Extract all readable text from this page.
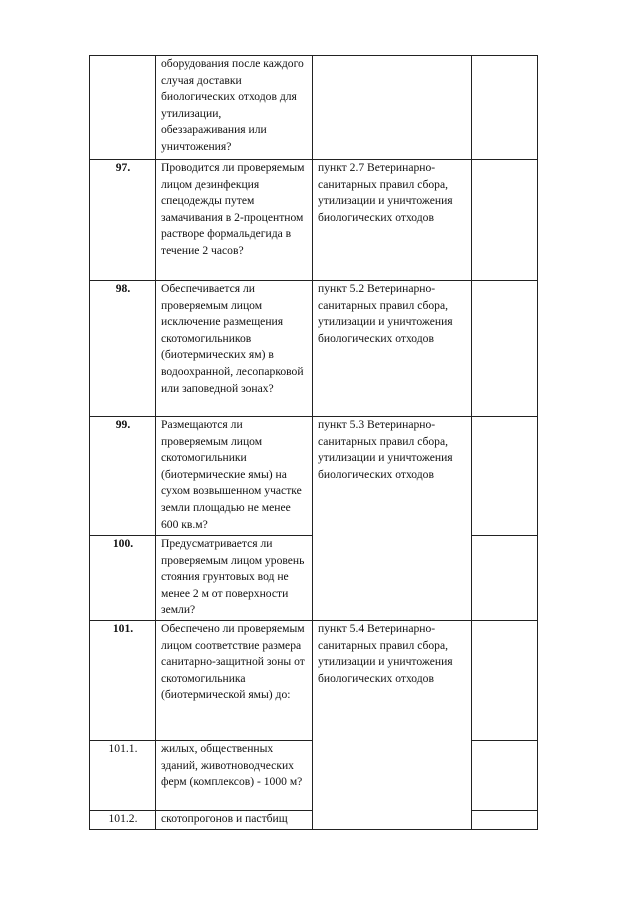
	оборудования после каждого случая доставки биологических отходов для утилизации, обеззараживания или уничтожения?		
97.	Проводится ли проверяемым лицом дезинфекция спецодежды путем замачивания в 2-процентном растворе формальдегида в течение 2 часов?	пункт 2.7 Ветеринарно-санитарных правил сбора, утилизации и уничтожения биологических отходов	
98.	Обеспечивается ли проверяемым лицом исключение размещения скотомогильников (биотермических ям) в водоохранной, лесопарковой или заповедной зонах?	пункт 5.2 Ветеринарно-санитарных правил сбора, утилизации и уничтожения биологических отходов	
99.	Размещаются ли проверяемым лицом скотомогильники (биотермические ямы) на сухом возвышенном участке земли площадью не менее 600 кв.м?	пункт 5.3 Ветеринарно-санитарных правил сбора, утилизации и уничтожения биологических отходов	
100.	Предусматривается ли проверяемым лицом уровень стояния грунтовых вод не менее 2 м от поверхности земли?		
101.	Обеспечено ли проверяемым лицом соответствие размера санитарно-защитной зоны от скотомогильника (биотермической ямы) до:	пункт 5.4 Ветеринарно-санитарных правил сбора, утилизации и уничтожения биологических отходов	
101.1.	жилых, общественных зданий, животноводческих ферм (комплексов) - 1000 м?		
101.2.	скотопрогонов и пастбищ		
